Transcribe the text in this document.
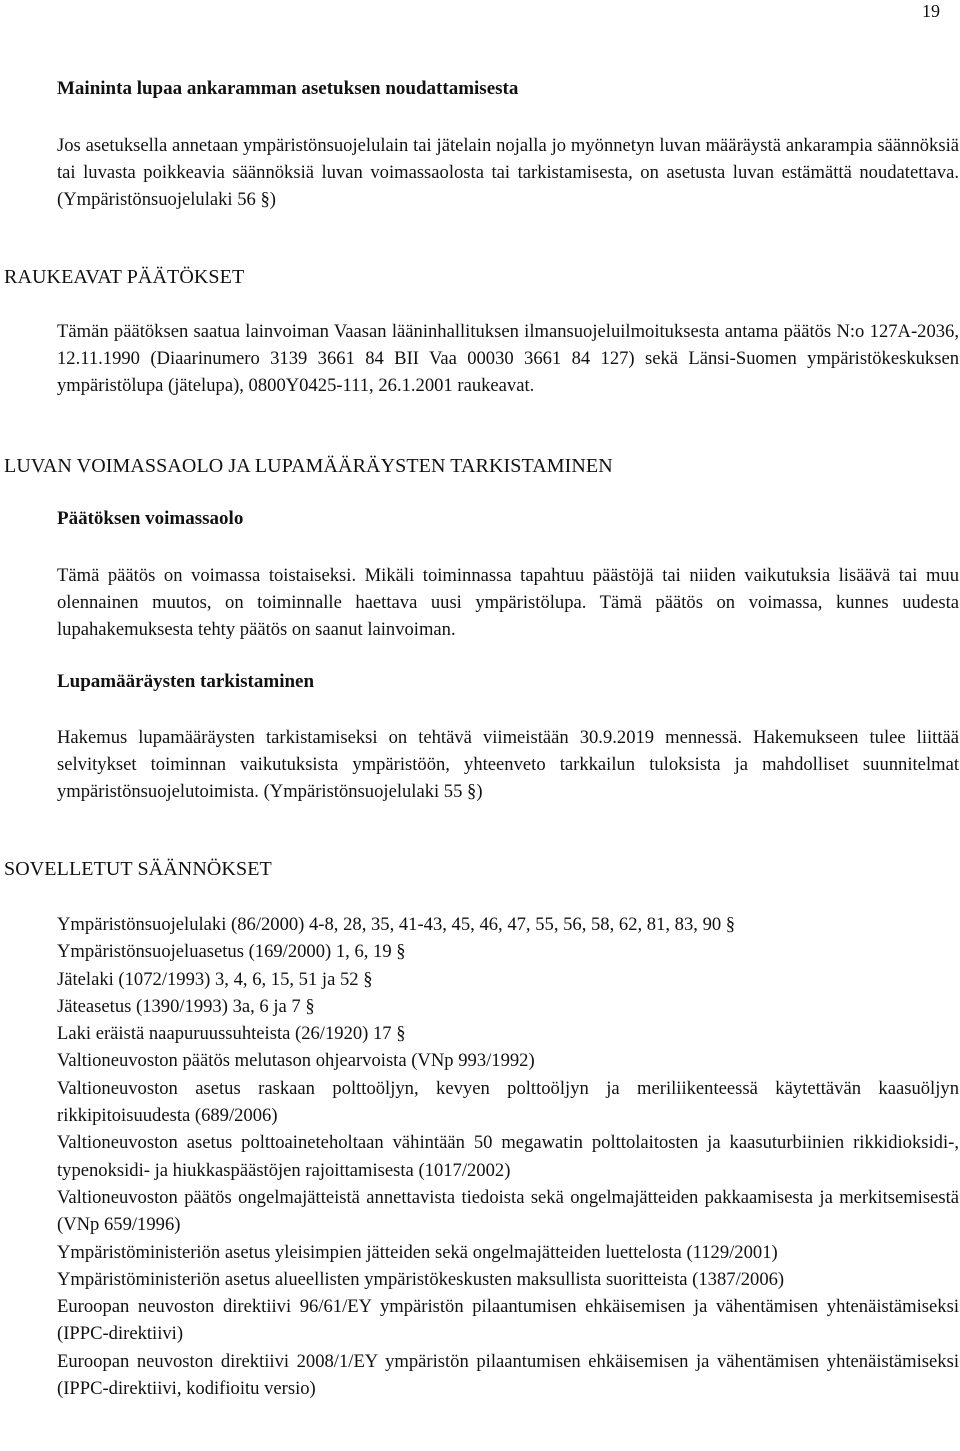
19
Maininta lupaa ankaramman asetuksen noudattamisesta

Jos asetuksella annetaan ympäristönsuojelulain tai jätelain nojalla jo myönnetyn luvan määräystä ankarampia säännöksiä tai luvasta poikkeavia säännöksiä luvan voimassaolosta tai tarkistamisesta, on asetusta luvan estämättä noudatettava. (Ympäristönsuojelulaki 56 §)

RAUKEAVAT PÄÄTÖKSET

Tämän päätöksen saatua lainvoiman Vaasan lääninhallituksen ilmansuojeluilmoituksesta antama päätös N:o 127A-2036, 12.11.1990 (Diaarinumero 3139 3661 84 BII Vaa 00030 3661 84 127) sekä Länsi-Suomen ympäristökeskuksen ympäristölupa (jätelupa), 0800Y0425-111, 26.1.2001 raukeavat.

LUVAN VOIMASSAOLO JA LUPAMÄÄRÄYSTEN TARKISTAMINEN
Päätöksen voimassaolo

Tämä päätös on voimassa toistaiseksi. Mikäli toiminnassa tapahtuu päästöjä tai niiden vaikutuksia lisäävä tai muu olennainen muutos, on toiminnalle haettava uusi ympäristölupa. Tämä päätös on voimassa, kunnes uudesta lupahakemuksesta tehty päätös on saanut lainvoiman.

Lupamääräysten tarkistaminen

Hakemus lupamääräysten tarkistamiseksi on tehtävä viimeistään 30.9.2019 mennessä. Hakemukseen tulee liittää selvitykset toiminnan vaikutuksista ympäristöön, yhteenveto tarkkailun tuloksista ja mahdolliset suunnitelmat ympäristönsuojelutoimista. (Ympäristönsuojelulaki 55 §)

SOVELLETUT SÄÄNNÖKSET
Ympäristönsuojelulaki (86/2000) 4-8, 28, 35, 41-43, 45, 46, 47, 55, 56, 58, 62, 81, 83, 90 §
Ympäristönsuojeluasetus (169/2000) 1, 6, 19 §
Jätelaki (1072/1993) 3, 4, 6, 15, 51 ja 52 §
Jäteasetus (1390/1993) 3a, 6 ja 7 §
Laki eräistä naapuruussuhteista (26/1920) 17 §
Valtioneuvoston päätös melutason ohjearvoista (VNp 993/1992)
Valtioneuvoston asetus raskaan polttoöljyn, kevyen polttoöljyn ja meriliikenteessä käytettävän kaasuöljyn rikkipitoisuudesta (689/2006)
Valtioneuvoston asetus polttoaineteholtaan vähintään 50 megawatin polttolaitosten ja kaasuturbiinien rikkidioksidi-, typenoksidi- ja hiukkaspäästöjen rajoittamisesta (1017/2002)
Valtioneuvoston päätös ongelmajätteistä annettavista tiedoista sekä ongelmajätteiden pakkaamisesta ja merkitsemisestä (VNp 659/1996)
Ympäristöministeriön asetus yleisimpien jätteiden sekä ongelmajätteiden luettelosta (1129/2001)
Ympäristöministeriön asetus alueellisten ympäristökeskusten maksullista suoritteista (1387/2006)
Euroopan neuvoston direktiivi 96/61/EY ympäristön pilaantumisen ehkäisemisen ja vähentämisen yhtenäistämiseksi (IPPC-direktiivi)
Euroopan neuvoston direktiivi 2008/1/EY ympäristön pilaantumisen ehkäisemisen ja vähentämisen yhtenäistämiseksi (IPPC-direktiivi, kodifioitu versio)
